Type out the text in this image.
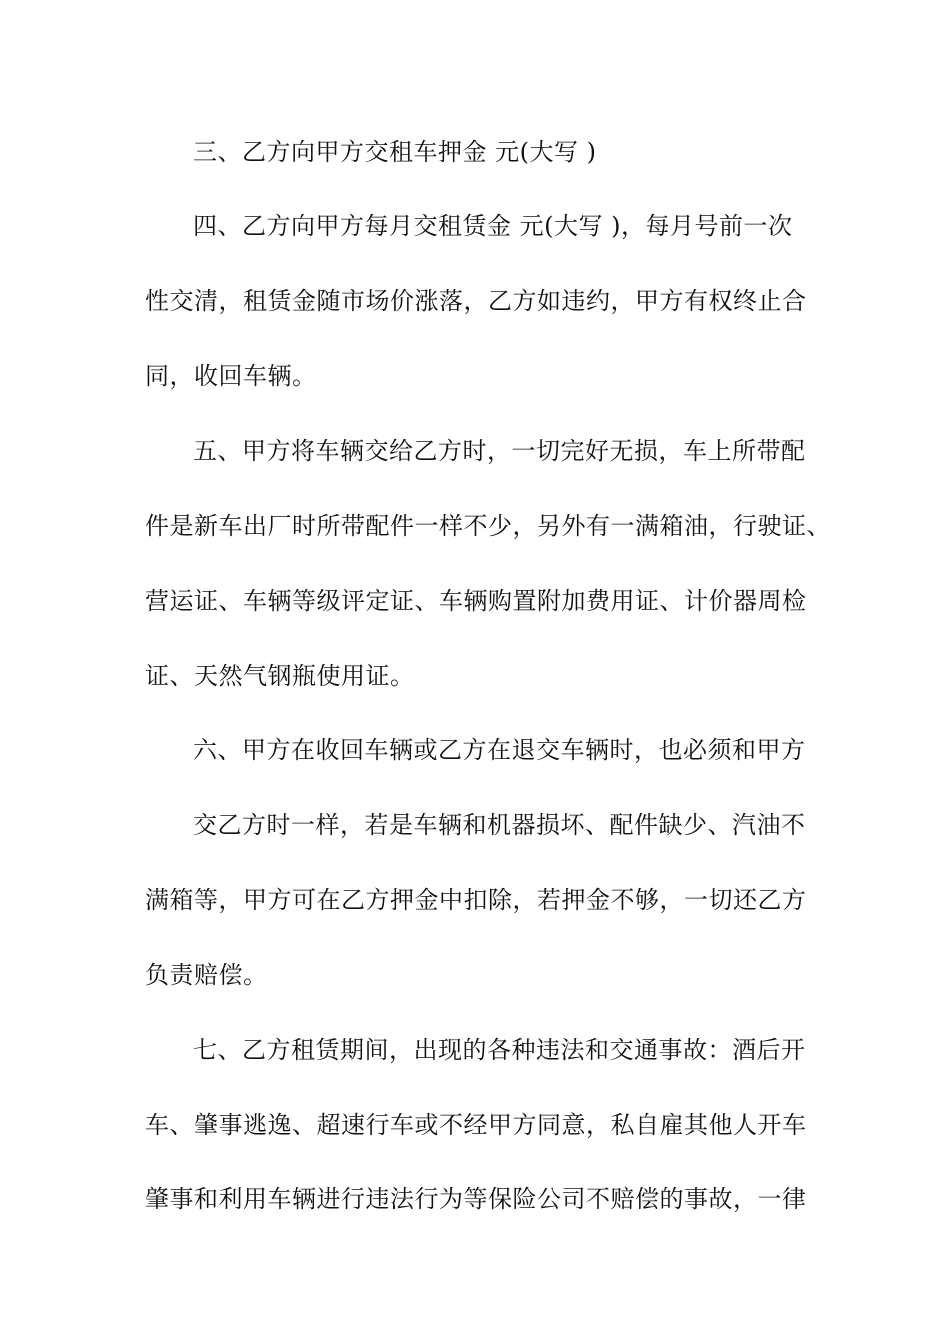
三、乙方向甲方交租车押金 元(大写 )
四、乙方向甲方每月交租赁金 元(大写 )，每月号前一次
性交清，租赁金随市场价涨落，乙方如违约，甲方有权终止合
同，收回车辆。
五、甲方将车辆交给乙方时，一切完好无损，车上所带配
件是新车出厂时所带配件一样不少，另外有一满箱油，行驶证、
营运证、车辆等级评定证、车辆购置附加费用证、计价器周检
证、天然气钢瓶使用证。
六、甲方在收回车辆或乙方在退交车辆时，也必须和甲方
交乙方时一样，若是车辆和机器损坏、配件缺少、汽油不
满箱等，甲方可在乙方押金中扣除，若押金不够，一切还乙方
负责赔偿。
七、乙方租赁期间，出现的各种违法和交通事故：酒后开
车、肇事逃逸、超速行车或不经甲方同意，私自雇其他人开车
肇事和利用车辆进行违法行为等保险公司不赔偿的事故，一律
